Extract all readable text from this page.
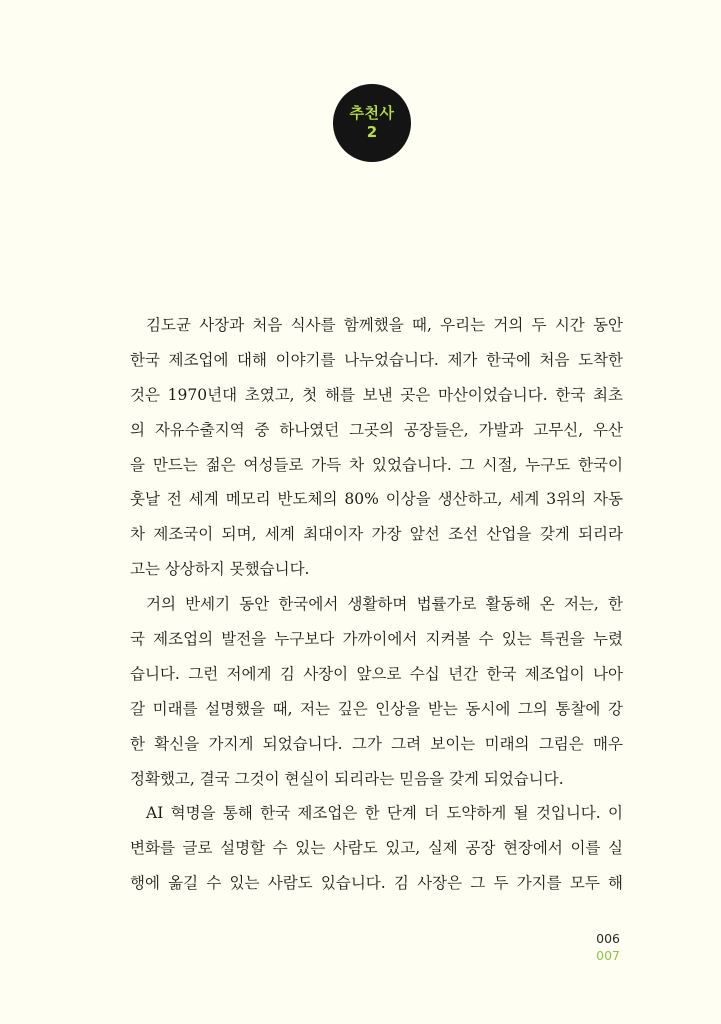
추천사
2
김도균 사장과 처음 식사를 함께했을 때, 우리는 거의 두 시간 동안
한국 제조업에 대해 이야기를 나누었습니다. 제가 한국에 처음 도착한
것은 1970년대 초였고, 첫 해를 보낸 곳은 마산이었습니다. 한국 최초
의 자유수출지역 중 하나였던 그곳의 공장들은, 가발과 고무신, 우산
을 만드는 젊은 여성들로 가득 차 있었습니다. 그 시절, 누구도 한국이
훗날 전 세계 메모리 반도체의 80% 이상을 생산하고, 세계 3위의 자동
차 제조국이 되며, 세계 최대이자 가장 앞선 조선 산업을 갖게 되리라
고는 상상하지 못했습니다.
거의 반세기 동안 한국에서 생활하며 법률가로 활동해 온 저는, 한
국 제조업의 발전을 누구보다 가까이에서 지켜볼 수 있는 특권을 누렸
습니다. 그런 저에게 김 사장이 앞으로 수십 년간 한국 제조업이 나아
갈 미래를 설명했을 때, 저는 깊은 인상을 받는 동시에 그의 통찰에 강
한 확신을 가지게 되었습니다. 그가 그려 보이는 미래의 그림은 매우
정확했고, 결국 그것이 현실이 되리라는 믿음을 갖게 되었습니다.
AI 혁명을 통해 한국 제조업은 한 단계 더 도약하게 될 것입니다. 이
변화를 글로 설명할 수 있는 사람도 있고, 실제 공장 현장에서 이를 실
행에 옮길 수 있는 사람도 있습니다. 김 사장은 그 두 가지를 모두 해
006
007
